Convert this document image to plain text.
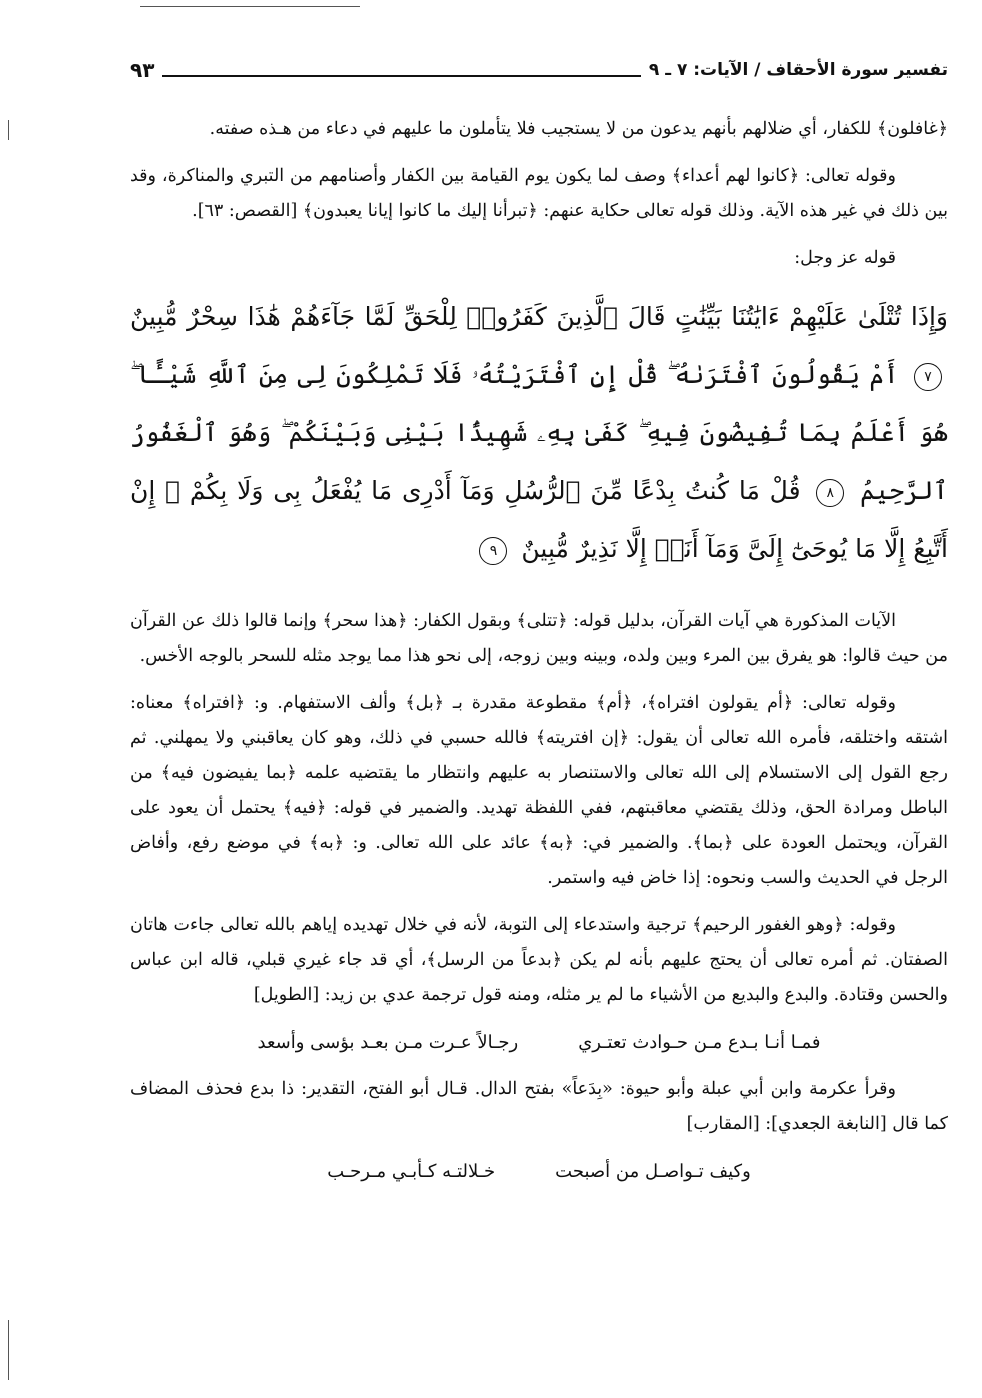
تفسير سورة الأحقاف / الآيات: ٧ ـ ٩
٩٣

﴿غافلون﴾ للكفار، أي ضلالهم بأنهم يدعون من لا يستجيب فلا يتأملون ما عليهم في دعاء من هـذه صفته.

وقوله تعالى: ﴿كانوا لهم أعداء﴾ وصف لما يكون يوم القيامة بين الكفار وأصنامهم من التبري والمناكرة، وقد بين ذلك في غير هذه الآية. وذلك قوله تعالى حكاية عنهم: ﴿تبرأنا إليك ما كانوا إيانا يعبدون﴾ [القصص: ٦٣].

قوله عز وجل:

وَإِذَا تُتْلَىٰ عَلَيْهِمْ ءَايَٰتُنَا بَيِّنَٰتٍ قَالَ ٱلَّذِينَ كَفَرُوا۟ لِلْحَقِّ لَمَّا جَآءَهُمْ هَٰذَا سِحْرٌ مُّبِينٌ ٧ أَمْ يَقُولُونَ ٱفْتَرَىٰهُ ۖ قُلْ إِنِ ٱفْتَرَيْتُهُۥ فَلَا تَمْلِكُونَ لِى مِنَ ٱللَّهِ شَيْـًٔا ۖ هُوَ أَعْلَمُ بِمَا تُفِيضُونَ فِيهِ ۖ كَفَىٰ بِهِۦ شَهِيدًۢا بَيْنِى وَبَيْنَكُمْ ۖ وَهُوَ ٱلْغَفُورُ ٱلرَّحِيمُ ٨ قُلْ مَا كُنتُ بِدْعًا مِّنَ ٱلرُّسُلِ وَمَآ أَدْرِى مَا يُفْعَلُ بِى وَلَا بِكُمْ ۖ إِنْ أَتَّبِعُ إِلَّا مَا يُوحَىٰٓ إِلَىَّ وَمَآ أَنَا۠ إِلَّا نَذِيرٌ مُّبِينٌ ٩

الآيات المذكورة هي آيات القرآن، بدليل قوله: ﴿تتلى﴾ وبقول الكفار: ﴿هذا سحر﴾ وإنما قالوا ذلك عن القرآن من حيث قالوا: هو يفرق بين المرء وبين ولده، وبينه وبين زوجه، إلى نحو هذا مما يوجد مثله للسحر بالوجه الأخس.

وقوله تعالى: ﴿أم يقولون افتراه﴾، ﴿أم﴾ مقطوعة مقدرة بـ ﴿بل﴾ وألف الاستفهام. و: ﴿افتراه﴾ معناه: اشتقه واختلقه، فأمره الله تعالى أن يقول: ﴿إن افتريته﴾ فالله حسبي في ذلك، وهو كان يعاقبني ولا يمهلني. ثم رجع القول إلى الاستسلام إلى الله تعالى والاستنصار به عليهم وانتظار ما يقتضيه علمه ﴿بما يفيضون فيه﴾ من الباطل ومرادة الحق، وذلك يقتضي معاقبتهم، ففي اللفظة تهديد. والضمير في قوله: ﴿فيه﴾ يحتمل أن يعود على القرآن، ويحتمل العودة على ﴿بما﴾. والضمير في: ﴿به﴾ عائد على الله تعالى. و: ﴿به﴾ في موضع رفع، وأفاض الرجل في الحديث والسب ونحوه: إذا خاض فيه واستمر.

وقوله: ﴿وهو الغفور الرحيم﴾ ترجية واستدعاء إلى التوبة، لأنه في خلال تهديده إياهم بالله تعالى جاءت هاتان الصفتان. ثم أمره تعالى أن يحتج عليهم بأنه لم يكن ﴿بدعاً من الرسل﴾، أي قد جاء غيري قبلي، قاله ابن عباس والحسن وقتادة. والبدع والبديع من الأشياء ما لم ير مثله، ومنه قول ترجمة عدي بن زيد: [الطويل]

فمـا أنـا بـدع مـن حـوادث تعتـري
رجـالاً عـرت مـن بعـد بؤسى وأسعد

وقرأ عكرمة وابن أبي عبلة وأبو حيوة: «بِدَعاً» بفتح الدال. قـال أبو الفتح، التقدير: ذا بدع فحذف المضاف كما قال [النابغة الجعدي]: [المقارب]

وكيف تـواصـل من أصبحت
خـلالتـه كـأبـي مـرحـب
